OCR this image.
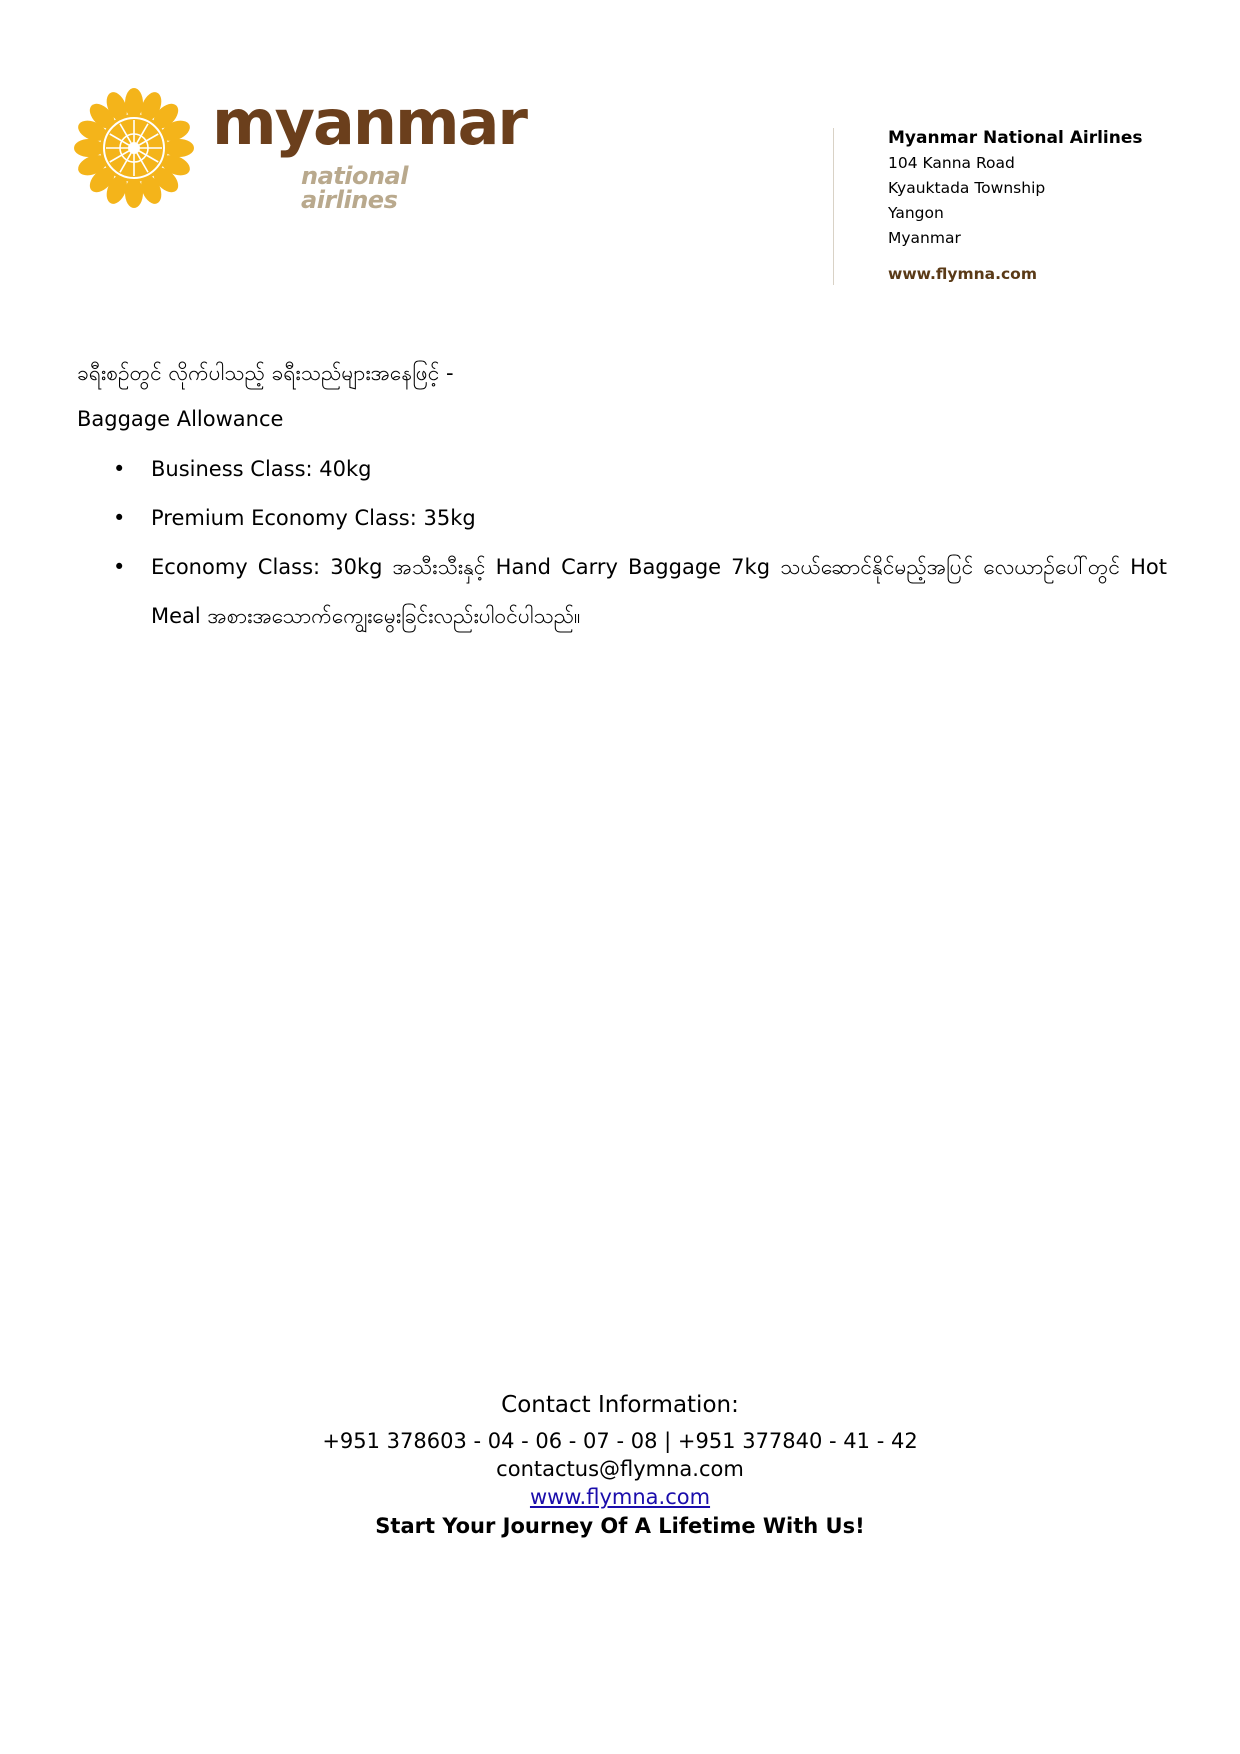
myanmar
national airlines
Myanmar National Airlines
104 Kanna Road
Kyauktada Township
Yangon
Myanmar
www.flymna.com

ခရီးစဉ်တွင် လိုက်ပါသည့် ခရီးသည်များအနေဖြင့် -

Baggage Allowance

• Business Class: 40kg
• Premium Economy Class: 35kg
• Economy Class: 30kg အသီးသီးနှင့် Hand Carry Baggage 7kg သယ်ဆောင်နိုင်မည့်အပြင် လေယာဉ်ပေါ်တွင် Hot Meal အစားအသောက်ကျွေးမွေးခြင်းလည်းပါဝင်ပါသည်။
Contact Information:
+951 378603 - 04 - 06 - 07 - 08 | +951 377840 - 41 - 42
contactus@flymna.com
www.flymna.com
Start Your Journey Of A Lifetime With Us!
